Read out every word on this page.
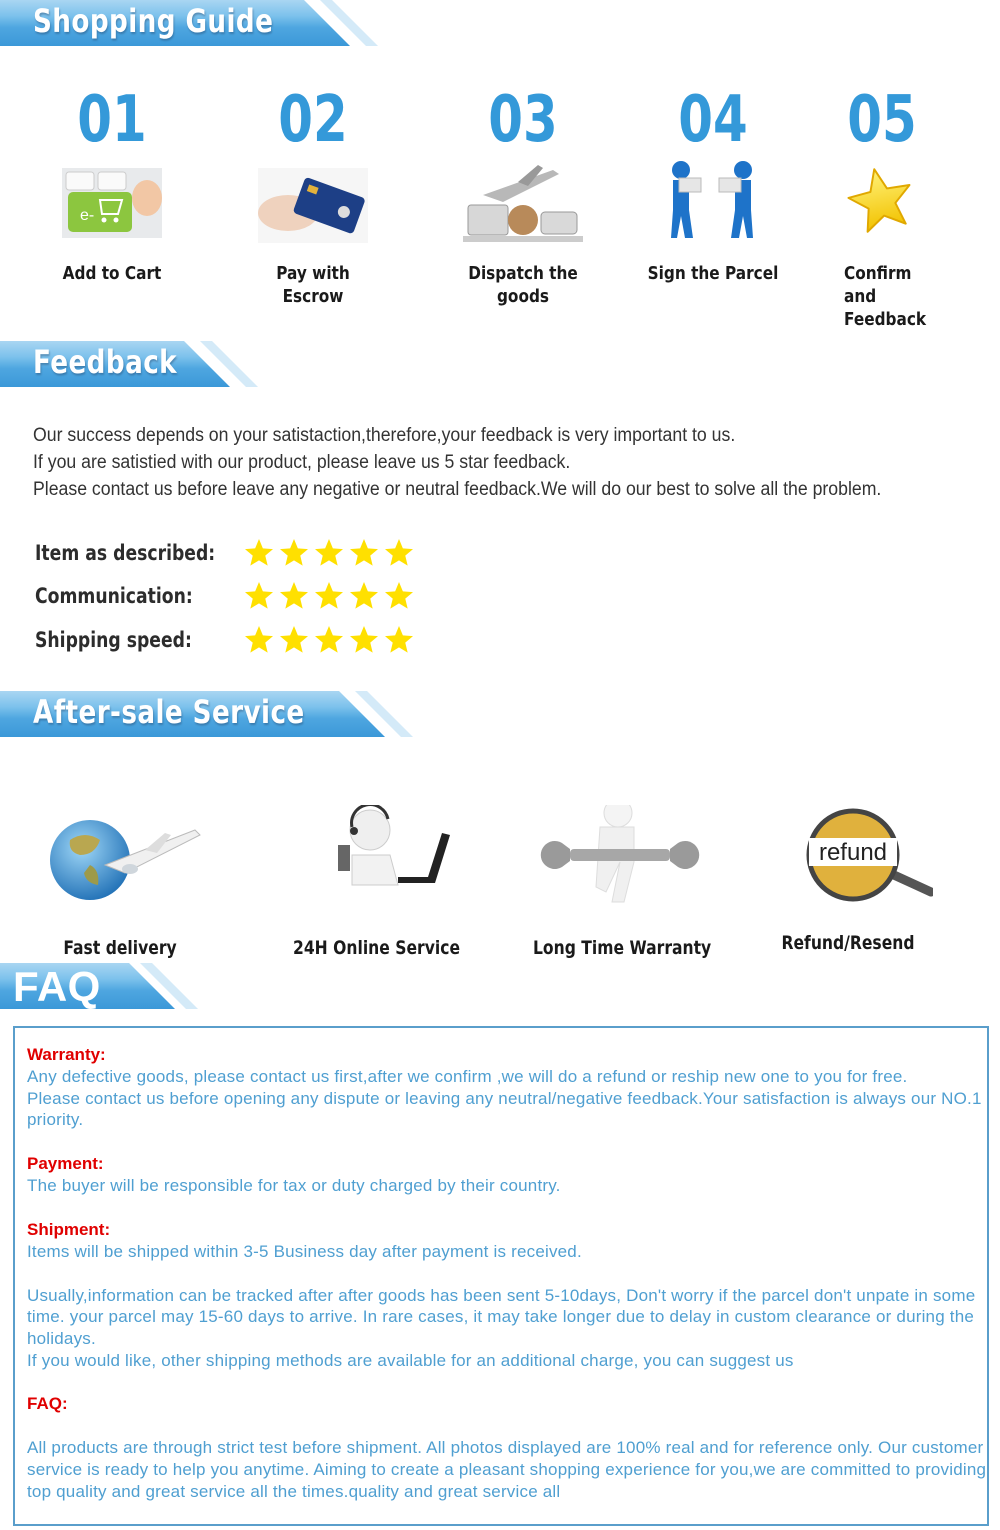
Shopping Guide
01
e-
Add to Cart
02
Pay with Escrow
03
Dispatch the goods
04
Sign the Parcel
05
Confirm and
Feedback
Feedback
Our success depends on your satistaction,therefore,your feedback is very important to us.
If you are satistied with our product, please leave us 5 star feedback.
Please contact us before leave any negative or neutral feedback.We will do our best to solve all the problem.
Item as described:
Communication:
Shipping speed:
After-sale Service
Fast delivery	24H Online Service	Long Time Warranty
refund
Refund/Resend
FAQ
Warranty:
Any defective goods, please contact us first,after we confirm ,we will do a refund or reship new one to you for free.
Please contact us before opening any dispute or leaving any neutral/negative feedback.Your satisfaction is always our NO.1 priority.
Payment:
The buyer will be responsible for tax or duty charged by their country.
Shipment:
Items will be shipped within 3-5 Business day after payment is received.
Usually,information can be tracked after after goods has been sent 5-10days, Don't worry if the parcel don't unpate in some time. your parcel may 15-60 days to arrive. In rare cases, it may take longer due to delay in custom clearance or during the holidays.
If you would like, other shipping methods are available for an additional charge, you can suggest us
FAQ:
All products are through strict test before shipment. All photos displayed are 100% real and for reference only. Our customer service is ready to help you anytime. Aiming to create a pleasant shopping experience for you,we are committed to providing top quality and great service all the times.quality and great service all
